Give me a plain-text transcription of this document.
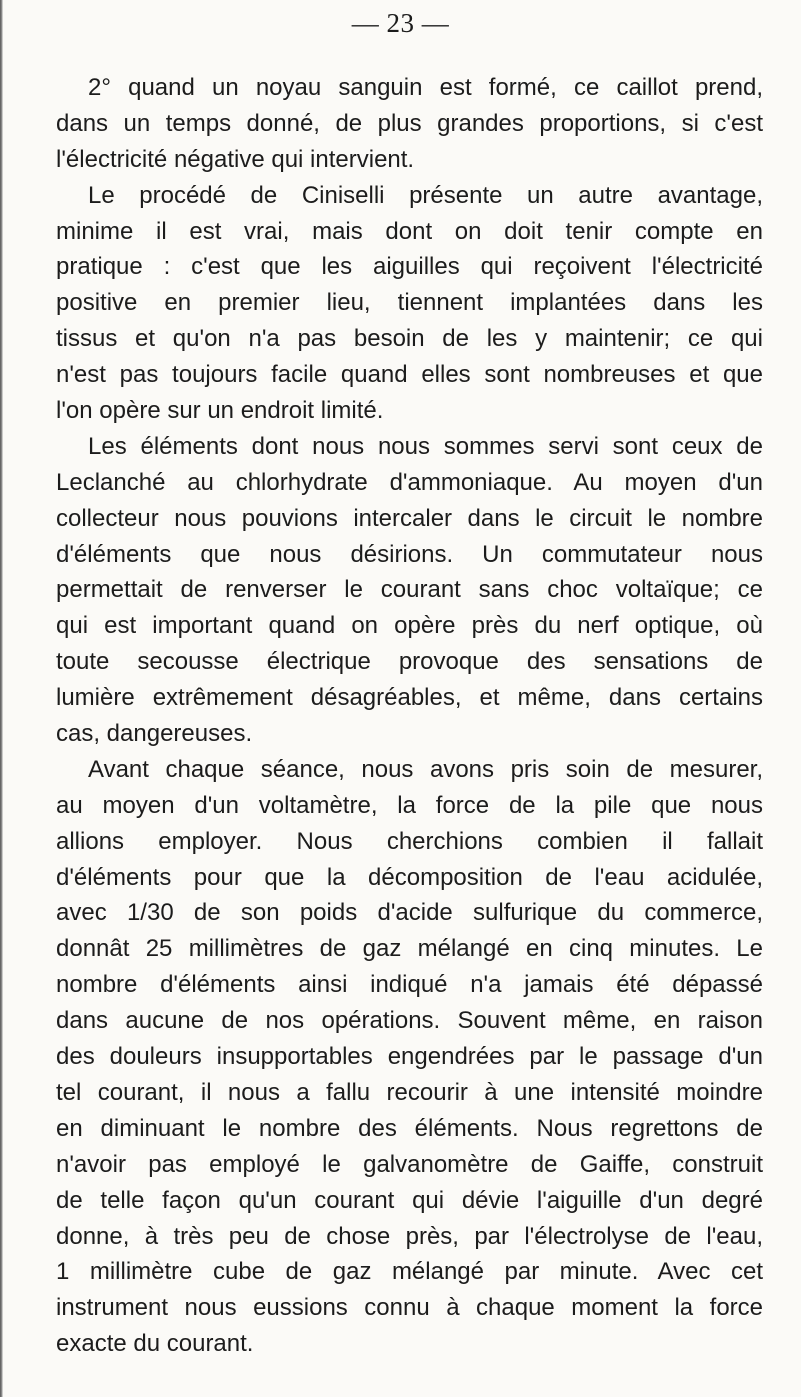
— 23 —
2° quand un noyau sanguin est formé, ce caillot prend,
dans un temps donné, de plus grandes proportions, si c'est
l'électricité négative qui intervient.
Le procédé de Ciniselli présente un autre avantage,
minime il est vrai, mais dont on doit tenir compte en
pratique : c'est que les aiguilles qui reçoivent l'électricité
positive en premier lieu, tiennent implantées dans les
tissus et qu'on n'a pas besoin de les y maintenir; ce qui
n'est pas toujours facile quand elles sont nombreuses et que
l'on opère sur un endroit limité.
Les éléments dont nous nous sommes servi sont ceux de
Leclanché au chlorhydrate d'ammoniaque. Au moyen d'un
collecteur nous pouvions intercaler dans le circuit le nombre
d'éléments que nous désirions. Un commutateur nous
permettait de renverser le courant sans choc voltaïque; ce
qui est important quand on opère près du nerf optique, où
toute secousse électrique provoque des sensations de
lumière extrêmement désagréables, et même, dans certains
cas, dangereuses.
Avant chaque séance, nous avons pris soin de mesurer,
au moyen d'un voltamètre, la force de la pile que nous
allions employer. Nous cherchions combien il fallait
d'éléments pour que la décomposition de l'eau acidulée,
avec 1/30 de son poids d'acide sulfurique du commerce,
donnât 25 millimètres de gaz mélangé en cinq minutes. Le
nombre d'éléments ainsi indiqué n'a jamais été dépassé
dans aucune de nos opérations. Souvent même, en raison
des douleurs insupportables engendrées par le passage d'un
tel courant, il nous a fallu recourir à une intensité moindre
en diminuant le nombre des éléments. Nous regrettons de
n'avoir pas employé le galvanomètre de Gaiffe, construit
de telle façon qu'un courant qui dévie l'aiguille d'un degré
donne, à très peu de chose près, par l'électrolyse de l'eau,
1 millimètre cube de gaz mélangé par minute. Avec cet
instrument nous eussions connu à chaque moment la force
exacte du courant.
